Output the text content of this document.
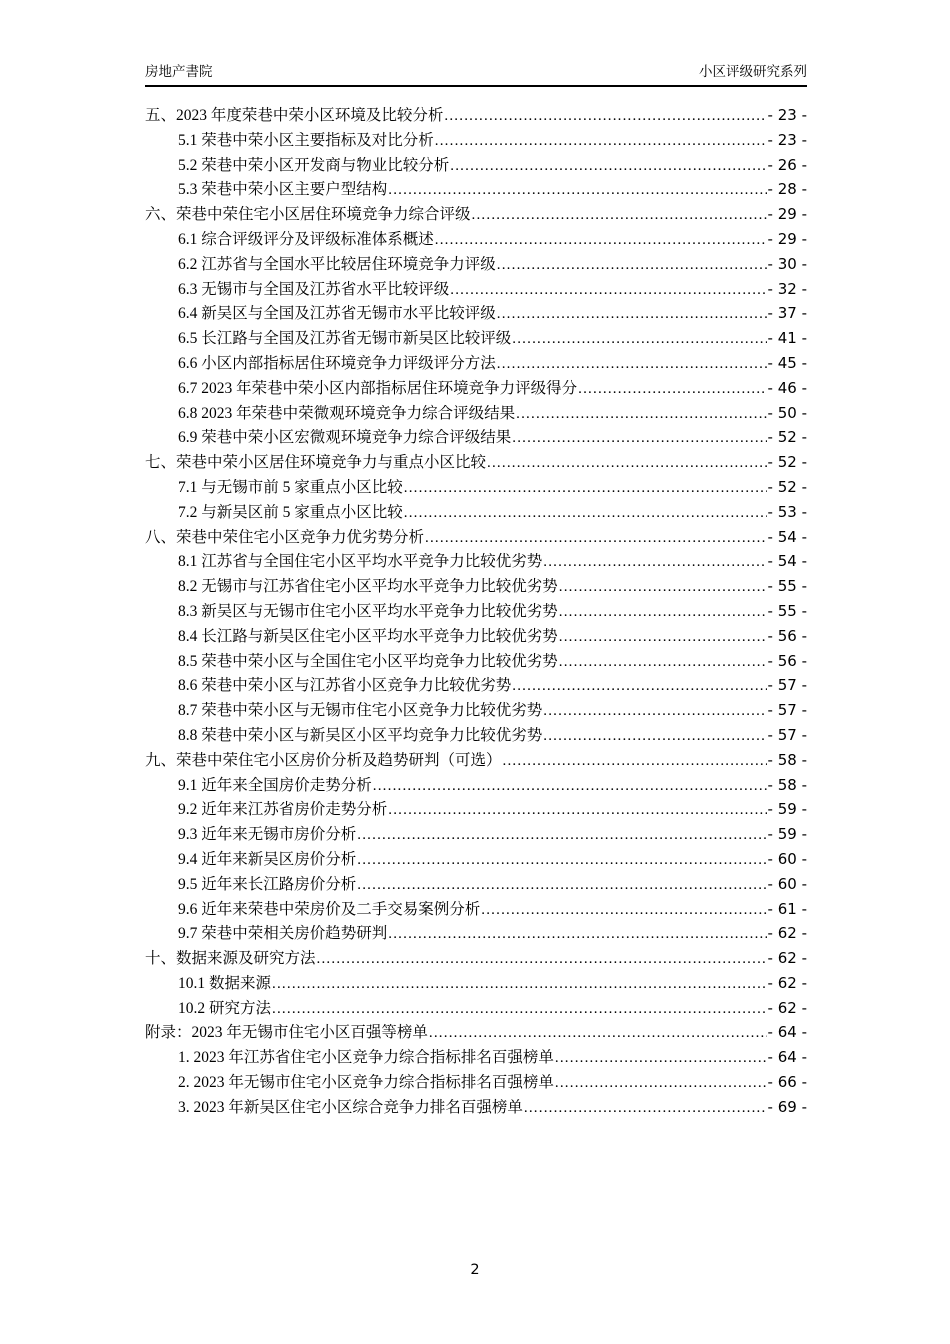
房地产書院	小区评级研究系列
五、2023 年度荣巷中荣小区环境及比较分析 .....	- 23 -
5.1 荣巷中荣小区主要指标及对比分析 .....	- 23 -
5.2 荣巷中荣小区开发商与物业比较分析 .....	- 26 -
5.3 荣巷中荣小区主要户型结构 .....	- 28 -
六、荣巷中荣住宅小区居住环境竞争力综合评级 .....	- 29 -
6.1 综合评级评分及评级标准体系概述 .....	- 29 -
6.2 江苏省与全国水平比较居住环境竞争力评级 .....	- 30 -
6.3 无锡市与全国及江苏省水平比较评级 .....	- 32 -
6.4 新吴区与全国及江苏省无锡市水平比较评级 .....	- 37 -
6.5 长江路与全国及江苏省无锡市新吴区比较评级 .....	- 41 -
6.6 小区内部指标居住环境竞争力评级评分方法 .....	- 45 -
6.7 2023 年荣巷中荣小区内部指标居住环境竞争力评级得分 .....	- 46 -
6.8 2023 年荣巷中荣微观环境竞争力综合评级结果 .....	- 50 -
6.9 荣巷中荣小区宏微观环境竞争力综合评级结果 .....	- 52 -
七、荣巷中荣小区居住环境竞争力与重点小区比较 .....	- 52 -
7.1 与无锡市前 5 家重点小区比较 .....	- 52 -
7.2 与新吴区前 5 家重点小区比较 .....	- 53 -
八、荣巷中荣住宅小区竞争力优劣势分析 .....	- 54 -
8.1 江苏省与全国住宅小区平均水平竞争力比较优劣势 .....	- 54 -
8.2 无锡市与江苏省住宅小区平均水平竞争力比较优劣势 .....	- 55 -
8.3 新吴区与无锡市住宅小区平均水平竞争力比较优劣势 .....	- 55 -
8.4 长江路与新吴区住宅小区平均水平竞争力比较优劣势 .....	- 56 -
8.5 荣巷中荣小区与全国住宅小区平均竞争力比较优劣势 .....	- 56 -
8.6 荣巷中荣小区与江苏省小区竞争力比较优劣势 .....	- 57 -
8.7 荣巷中荣小区与无锡市住宅小区竞争力比较优劣势 .....	- 57 -
8.8 荣巷中荣小区与新吴区小区平均竞争力比较优劣势 .....	- 57 -
九、荣巷中荣住宅小区房价分析及趋势研判（可选） .....	- 58 -
9.1 近年来全国房价走势分析 .....	- 58 -
9.2 近年来江苏省房价走势分析 .....	- 59 -
9.3 近年来无锡市房价分析 .....	- 59 -
9.4 近年来新吴区房价分析 .....	- 60 -
9.5 近年来长江路房价分析 .....	- 60 -
9.6 近年来荣巷中荣房价及二手交易案例分析 .....	- 61 -
9.7 荣巷中荣相关房价趋势研判 .....	- 62 -
十、数据来源及研究方法 .....	- 62 -
10.1 数据来源 .....	- 62 -
10.2 研究方法 .....	- 62 -
附录：2023 年无锡市住宅小区百强等榜单 .....	- 64 -
1. 2023 年江苏省住宅小区竞争力综合指标排名百强榜单 .....	- 64 -
2. 2023 年无锡市住宅小区竞争力综合指标排名百强榜单 .....	- 66 -
3. 2023 年新吴区住宅小区综合竞争力排名百强榜单 .....	- 69 -
2
